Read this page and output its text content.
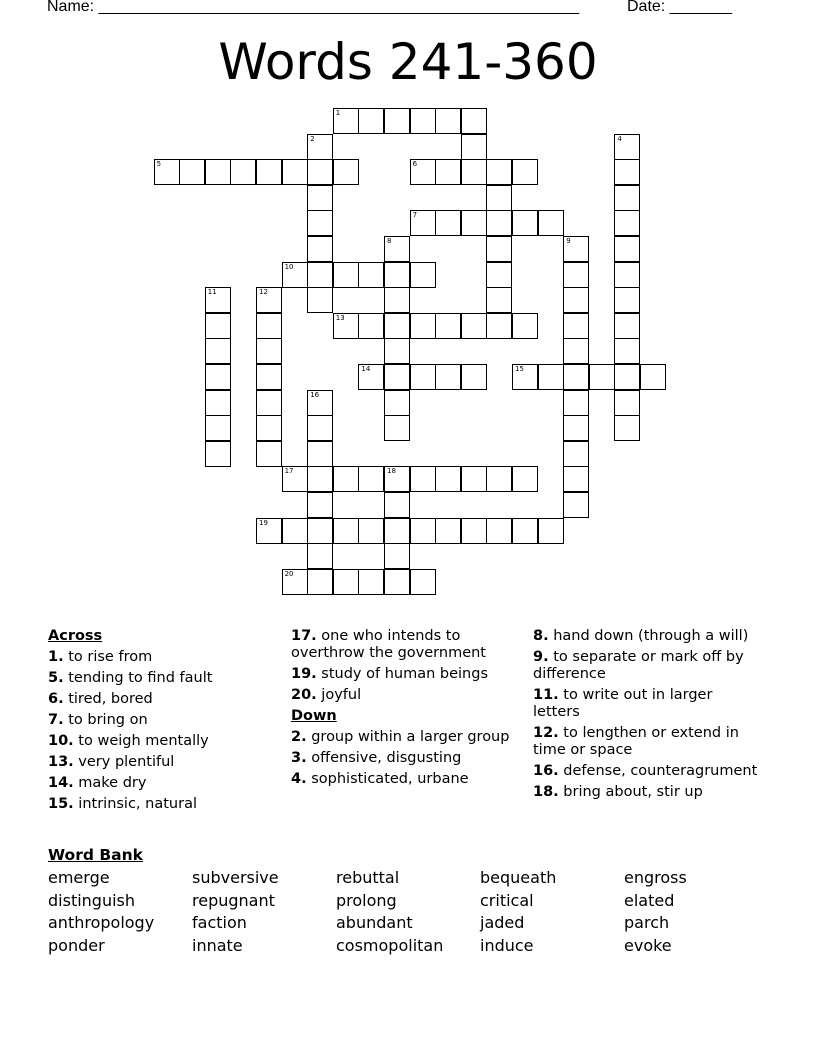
Name: ______________________________________________________	Date: _______
Words 241-360
1
2	4
5	6
7
8	9
10
11	12
13
14	15
16
17	18
19
20
Across
1. to rise from
5. tending to find fault
6. tired, bored
7. to bring on
10. to weigh mentally
13. very plentiful
14. make dry
15. intrinsic, natural
17. one who intends to overthrow the government
19. study of human beings
20. joyful
Down
2. group within a larger group
3. offensive, disgusting
4. sophisticated, urbane
8. hand down (through a will)
9. to separate or mark off by difference
11. to write out in larger letters
12. to lengthen or extend in time or space
16. defense, counteragrument
18. bring about, stir up
Word Bank
emerge	subversive	rebuttal	bequeath	engross
distinguish	repugnant	prolong	critical	elated
anthropology faction	abundant	jaded	parch
ponder	innate	cosmopolitan induce	evoke
